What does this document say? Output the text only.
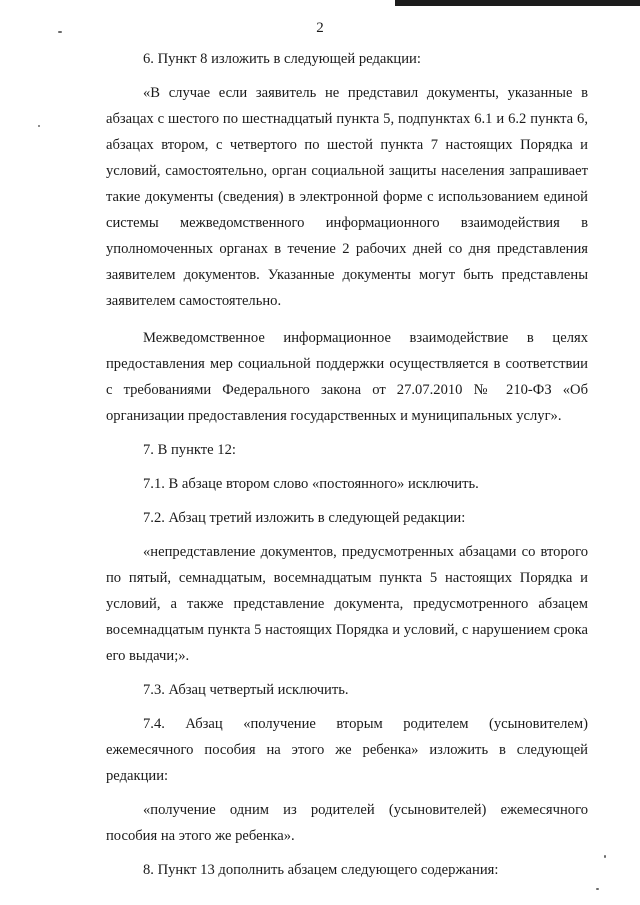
2

6. Пункт 8 изложить в следующей редакции:

«В случае если заявитель не представил документы, указанные в абзацах с шестого по шестнадцатый пункта 5, подпунктах 6.1 и 6.2 пункта 6, абзацах втором, с четвертого по шестой пункта 7 настоящих Порядка и условий, самостоятельно, орган социальной защиты населения запрашивает такие документы (сведения) в электронной форме с использованием единой системы межведомственного информационного взаимодействия в уполномоченных органах в течение 2 рабочих дней со дня представления заявителем документов. Указанные документы могут быть представлены заявителем самостоятельно.

Межведомственное информационное взаимодействие в целях предоставления мер социальной поддержки осуществляется в соответствии с требованиями Федерального закона от 27.07.2010 № 210-ФЗ «Об организации предоставления государственных и муниципальных услуг».

7. В пункте 12:

7.1. В абзаце втором слово «постоянного» исключить.

7.2. Абзац третий изложить в следующей редакции:

«непредставление документов, предусмотренных абзацами со второго по пятый, семнадцатым, восемнадцатым пункта 5 настоящих Порядка и условий, а также представление документа, предусмотренного абзацем восемнадцатым пункта 5 настоящих Порядка и условий, с нарушением срока его выдачи;».

7.3. Абзац четвертый исключить.

7.4. Абзац «получение вторым родителем (усыновителем) ежемесячного пособия на этого же ребенка» изложить в следующей редакции:

«получение одним из родителей (усыновителей) ежемесячного пособия на этого же ребенка».

8. Пункт 13 дополнить абзацем следующего содержания:
